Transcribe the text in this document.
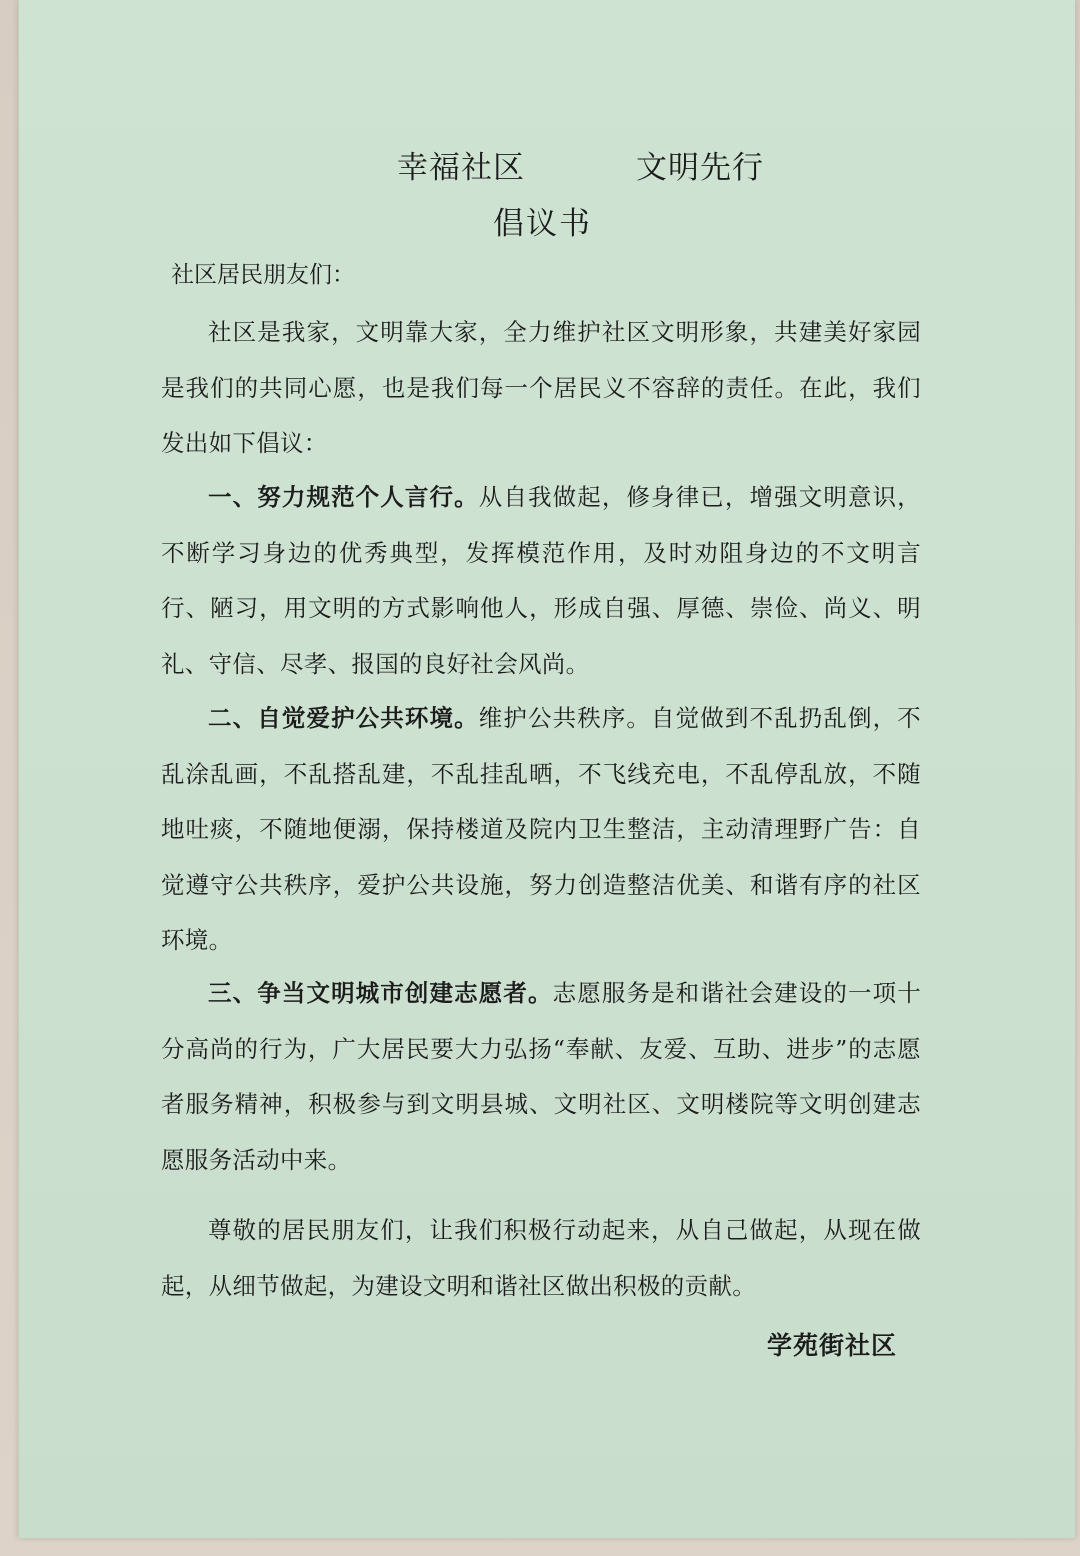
幸福社区	文明先行
倡议书
社区居民朋友们：

社区是我家，文明靠大家，全力维护社区文明形象，共建美好家园是我们的共同心愿，也是我们每一个居民义不容辞的责任。在此，我们发出如下倡议：

一、努力规范个人言行。从自我做起，修身律已，增强文明意识，不断学习身边的优秀典型，发挥模范作用，及时劝阻身边的不文明言行、陋习，用文明的方式影响他人，形成自强、厚德、崇俭、尚义、明礼、守信、尽孝、报国的良好社会风尚。

二、自觉爱护公共环境。维护公共秩序。自觉做到不乱扔乱倒，不乱涂乱画，不乱搭乱建，不乱挂乱晒，不飞线充电，不乱停乱放，不随地吐痰，不随地便溺，保持楼道及院内卫生整洁，主动清理野广告：自觉遵守公共秩序，爱护公共设施，努力创造整洁优美、和谐有序的社区环境。

三、争当文明城市创建志愿者。志愿服务是和谐社会建设的一项十分高尚的行为，广大居民要大力弘扬“奉献、友爱、互助、进步”的志愿者服务精神，积极参与到文明县城、文明社区、文明楼院等文明创建志愿服务活动中来。

尊敬的居民朋友们，让我们积极行动起来，从自己做起，从现在做起，从细节做起，为建设文明和谐社区做出积极的贡献。

学苑街社区
